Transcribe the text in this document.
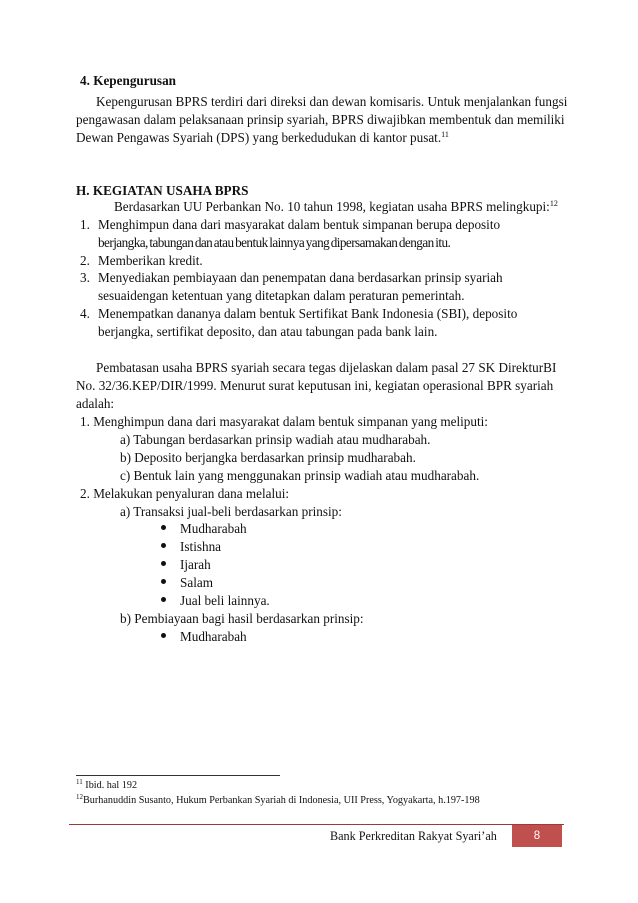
4. Kepengurusan
Kepengurusan BPRS terdiri dari direksi dan dewan komisaris. Untuk menjalankan fungsi
pengawasan dalam pelaksanaan prinsip syariah, BPRS diwajibkan membentuk dan memiliki
Dewan Pengawas Syariah (DPS) yang berkedudukan di kantor pusat.$^{11}$
H. KEGIATAN USAHA BPRS
Berdasarkan UU Perbankan No. 10 tahun 1998, kegiatan usaha BPRS melingkupi:$^{12}$
1. Menghimpun dana dari masyarakat dalam bentuk simpanan berupa deposito
berjangka, tabungan dan atau bentuk lainnya yang dipersamakan dengan itu.
2. Memberikan kredit.
3. Menyediakan pembiayaan dan penempatan dana berdasarkan prinsip syariah
sesuaidengan ketentuan yang ditetapkan dalam peraturan pemerintah.
4. Menempatkan dananya dalam bentuk Sertifikat Bank Indonesia (SBI), deposito
berjangka, sertifikat deposito, dan atau tabungan pada bank lain.
Pembatasan usaha BPRS syariah secara tegas dijelaskan dalam pasal 27 SK DirekturBI
No. 32/36.KEP/DIR/1999. Menurut surat keputusan ini, kegiatan operasional BPR syariah
adalah:
1. Menghimpun dana dari masyarakat dalam bentuk simpanan yang meliputi:
a) Tabungan berdasarkan prinsip wadiah atau mudharabah.
b) Deposito berjangka berdasarkan prinsip mudharabah.
c) Bentuk lain yang menggunakan prinsip wadiah atau mudharabah.
2. Melakukan penyaluran dana melalui:
a) Transaksi jual-beli berdasarkan prinsip:
Mudharabah
Istishna
Ijarah
Salam
Jual beli lainnya.
b) Pembiayaan bagi hasil berdasarkan prinsip:
Mudharabah
$^{11}$ Ibid. hal 192
$^{12}$Burhanuddin Susanto, Hukum Perbankan Syariah di Indonesia, UII Press, Yogyakarta, h.197-198
Bank Perkreditan Rakyat Syari’ah	8
